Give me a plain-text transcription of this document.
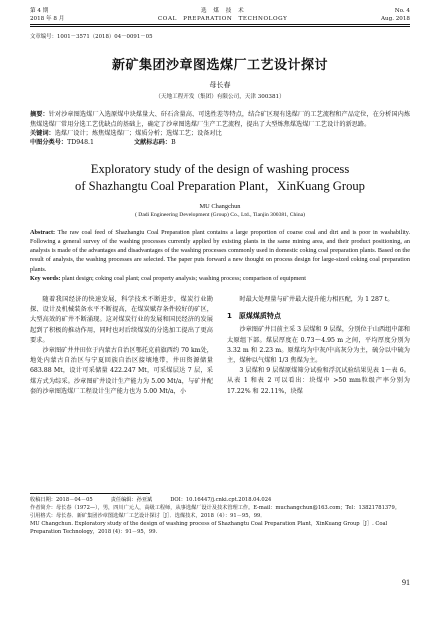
第 4 期
2018 年 8 月
选　煤　技　术
COAL　PREPARATION　TECHNOLOGY
No. 4
Aug. 2018
文章编号：1001－3571（2018）04－0091－05
新矿集团沙章图选煤厂工艺设计探讨
母长春
（天地工程开发（集团）有限公司，天津 300381）
摘要：针对沙章图选煤厂入选原煤中块煤量大、矸石含量高、可选性差等特点，结合矿区现有选煤厂的工艺流程和产品定位，在分析国内炼焦煤选煤厂常用分选工艺优缺点的基础上，确定了沙章图选煤厂生产工艺流程，提出了大型炼焦煤选煤厂工艺设计的新思路。
关键词：选煤厂设计；炼焦煤选煤厂；煤质分析；选煤工艺；设备对比
中图分类号：TD948.1	文献标志码：B
Exploratory study of the design of washing process
of Shazhangtu Coal Preparation Plant，XinKuang Group
MU Changchun
( Dadi Engineering Development (Group) Co., Ltd., Tianjin 300381, China)
Abstract: The raw coal feed of Shazhangtu Coal Preparation plant contains a large proportion of coarse coal and dirt and is poor in washability. Following a general survey of the washing processes currently applied by existing plants in the same mining area, and their product positioning, an analysis is made of the advantages and disadvantages of the washing processes commonly used in domestic coking coal preparation plants. Based on the result of analysis, the washing processes are selected. The paper puts forward a new thought on process design for large-sized coking coal preparation plants.
Key words: plant design; coking coal plant; coal property analysis; washing process; comparison of equipment

随着我国经济的快速发展，科学技术不断进步，煤炭行业勘探、设计及机械装备水平不断提高，在煤炭赋存条件较好的矿区，大型高效的矿井不断涌现。这对煤炭行业的发展和国民经济的发展起到了积极的推动作用，同时也对后续煤炭的分选加工提出了更高要求。

沙章图矿井井田位于内蒙古自治区鄂托克前旗西约 70 km处，地处内蒙古自治区与宁夏回族自治区接壤地带，井田资源储量 683.88 Mt，设计可采储量 422.247 Mt，可采煤层达 7 层，采煤方式为综采。沙章图矿井设计生产能力为 5.00 Mt/a，与矿井配套的沙章图选煤厂工程设计生产能力也为 5.00 Mt/a，小

时最大处理量与矿井最大提升能力相匹配，为 1 287 t。

1　原煤煤质特点

沙章图矿井目前主采 3 层煤和 9 层煤，分别位于山西组中部和太原组下部。煤层厚度在 0.73～4.95 m 之间，平均厚度分别为 3.32 m 和 2.23 m。原煤均为中灰/中高灰分为主，硫分以中硫为主，煤种以气煤和 1/3 焦煤为主。

3 层煤和 9 层煤原煤筛分试验和浮沉试验结果见表 1～表 6。从表 1 和表 2 可以看出：块煤中 >50 mm粒级产率分别为 17.22% 和 22.11%，块煤

收稿日期：2018－04－05	责任编辑：孙亚斌	DOI：10.16447/j.cnki.cpt.2018.04.024
作者简介：母长春（1972—），男，四川广元人，高级工程师，从事选煤厂设计及技术管理工作。E-mail：muchangchun@163.com；Tel：13821781379。
引用格式：母长春．新矿集团沙章图选煤厂工艺设计探讨［J］．选煤技术，2018（4）：91－95，99．
MU Changchun. Exploratory study of the design of washing process of Shazhangtu Coal Preparation Plant，XinKuang Group［J］. Coal Preparation Technology，2018 (4)：91－95，99.
91
